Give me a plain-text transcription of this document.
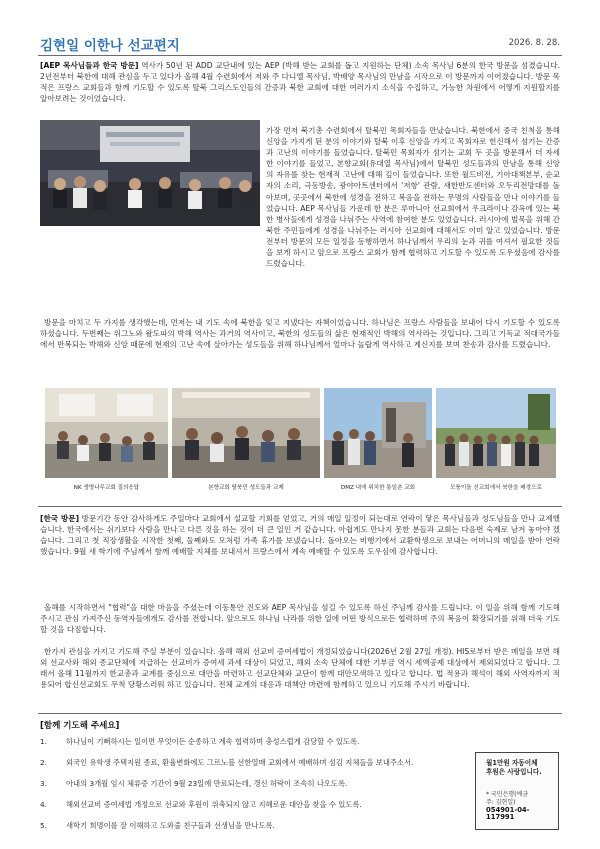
김현일 이한나 선교편지	2026. 8. 28.

[AEP 목사님들과 한국 방문] 역사가 50년 된 ADD 교단내에 있는 AEP (박해 받는 교회를 돕고 지원하는 단체) 소속 목사님 6분의 한국 방문을 섬겼습니다. 2년전부터 북한에 대해 관심을 두고 있다가 올해 4월 수련회에서 저와 주 다니엘 목사님, 박배양 목사님의 만남을 시작으로 이 방문까지 이어졌습니다. 방문 목적은 프랑스 교회들과 함께 기도할 수 있도록 탈북 그리스도인들의 간증과 북한 교회에 대한 여러가지 소식을 수집하고, 가능한 차원에서 어떻게 지원할지를 알아보려는 것이었습니다.

가장 먼저 북기총 수련회에서 탈북민 목회자들을 만났습니다. 북한에서 중국 친척을 통해 신앙을 가지게 된 분의 이야기와 탈북 이후 신앙을 가지고 목회자로 헌신해서 섬기는 간증과 고난의 이야기를 들었습니다. 탈북민 목회자가 섬기는 교회 두 곳을 방문해서 더 자세한 이야기를 들었고, 본향교회(유대열 목사님)에서 탈북민 성도들과의 만남을 통해 신앙의 자유를 찾는 현재적 고난에 대해 깊이 들었습니다. 또한 월드비전, 기아대책본부, 순교자의 소리, 극동방송, 광야아트센터에서 '저항' 관람, 새한반도센터와 오두리전망대를 돌아보며, 곳곳에서 북한에 성경을 전하고 복음을 전하는 무명의 사람들을 만나 이야기를 들었습니다. AEP 목사님들 가운데 한 분은 루마니아 선교회에서 우크라이나 감옥에 있는 북한 병사들에게 성경을 나눠주는 사역에 참여한 분도 있었습니다. 러시아에 벌목을 위해 간 북한 주민들에게 성경을 나눠주는 러시아 선교회에 대해서도 이미 알고 있었습니다. 방문 전부터 방문의 모든 일정을 동행하면서 하나님께서 우리의 눈과 귀를 여셔서 필요한 것들을 보게 하시고 앞으로 프랑스 교회가 함께 협력하고 기도할 수 있도록 도우셨음에 감사를 드렸습니다.

방문을 마치고 두 가지를 생각했는데, 먼저는 내 기도 속에 북한을 잊고 지냈다는 자책이었습니다. 하나님은 프랑스 사람들을 보내어 다시 기도할 수 있도록 하셨습니다. 두번째는 위그노와 왈도파의 박해 역사는 과거의 역사이고, 북한의 성도들의 삶은 현재적인 박해의 역사라는 것입니다. 그리고 기독교 적대국가들에서 반복되는 박해와 신앙 때문에 현재의 고난 속에 살아가는 성도들을 위해 하나님께서 얼마나 놀랍게 역사하고 계신지를 보며 찬송과 감사를 드렸습니다.

NK 생명나무교회 질의응답	본향교회 탈북민 성도들과 교제	DMZ 내에 위치한 통일촌 교회	모퉁이돌 선교회에서 북한을 배경으로

[한국 방문] 방문기간 동안 감사하게도 주일마다 교회에서 설교할 기회를 얻었고, 거의 매일 일정이 되는대로 연락이 닿은 목사님들과 성도님들을 만나 교제했습니다. 한국에서는 쉬기보다 사람을 만나고 다른 것을 하는 것이 더 큰 일인 거 같습니다. 아쉽게도 만나지 못한 분들과 교회는 다음번 숙제로 남겨 놓아야 겠습니다. 그리고 첫 직장생활을 시작한 첫째, 둘째와도 모처럼 가족 휴가를 보냈습니다. 돌아오는 비행기에서 교환학생으로 보내는 어머니의 메일을 받아 연락했습니다. 9월 새 학기에 주님께서 함께 예배할 지체를 보내셔서 프랑스에서 계속 예배할 수 있도록 도우심에 감사합니다.

올해를 시작하면서 "협력"을 대한 마음을 주셨는데 이동통안 진도와 AEP 목사님을 섬길 수 있도록 하신 주님께 감사를 드립니다. 이 일을 위해 함께 기도해 주시고 관심 가져주신 동역자들에게도 감사를 전합니다. 앞으로도 하나님 나라를 위한 일에 어떤 방식으로든 협력하며 주의 복음이 확장되기를 위해 더욱 기도할 것을 다짐합니다.

한가지 관심을 가지고 기도해 주실 부분이 있습니다. 올해 해외 선교비 증여세법이 개정되었습니다(2026년 2월 27일 개정). HIS로부터 받은 메일을 보면 해외 선교사와 해외 종교단체에 지급하는 선교비가 증여세 과세 대상이 되었고, 해외 소속 단체에 대한 기부금 역시 세액공제 대상에서 제외되었다고 합니다. 그래서 올해 11월까지 한교총과 교계를 중심으로 대안을 마련하고 선교단체와 교단이 함께 대안모색하고 있다고 합니다. 법 적용과 해석이 해외 사역자까지 적용되어 합신선교회도 무척 당황스러워 하고 있습니다. 전체 교계의 대응과 대책안 마련에 함께하고 있으니 기도해 주시기 바랍니다.

[함께 기도해 주세요]
1.	하나님이 기뻐하시는 일이면 무엇이든 순종하고 계속 협력하며 충성스럽게 감당할 수 있도록.
2.	외국인 유학생 주택지원 종료, 환율변화에도 그르노블 선한열매 교회에서 예배하며 섬김 지체들을 보내주소서.
3.	아내의 3개월 임시 체류증 기간이 9월 23일에 만료되는데, 갱신 허락이 조속히 나오도록.
4.	해외선교비 증여세법 개정으로 선교와 후원이 위축되지 않고 지혜로운 대안을 찾을 수 있도록.
5.	새학기 희명이를 잘 이해하고 도와줄 친구들과 선생님을 만나도록.
월1만원 자동이체
후원은 사랑입니다.
* 국민은행(예금
주: 김현일)
054901-04-
117991
